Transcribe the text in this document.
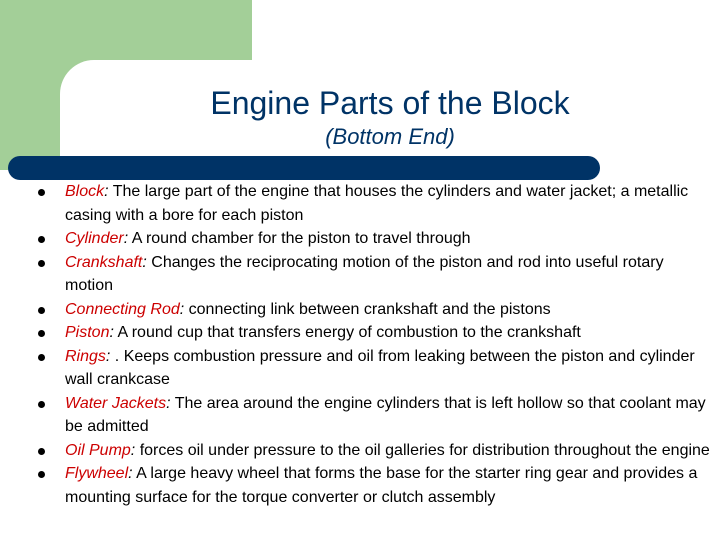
Engine Parts of the Block
(Bottom End)
Block: The large part of the engine that houses the cylinders and water jacket; a metallic casing with a bore for each piston
Cylinder: A round chamber for the piston to travel through
Crankshaft: Changes the reciprocating motion of the piston and rod into useful rotary motion
Connecting Rod: connecting link between crankshaft and the pistons
Piston: A round cup that transfers energy of combustion to the crankshaft
Rings: . Keeps combustion pressure and oil from leaking between the piston and cylinder wall crankcase
Water Jackets: The area around the engine cylinders that is left hollow so that coolant may be admitted
Oil Pump: forces oil under pressure to the oil galleries for distribution throughout the engine
Flywheel: A large heavy wheel that forms the base for the starter ring gear and provides a mounting surface for the torque converter or clutch assembly
